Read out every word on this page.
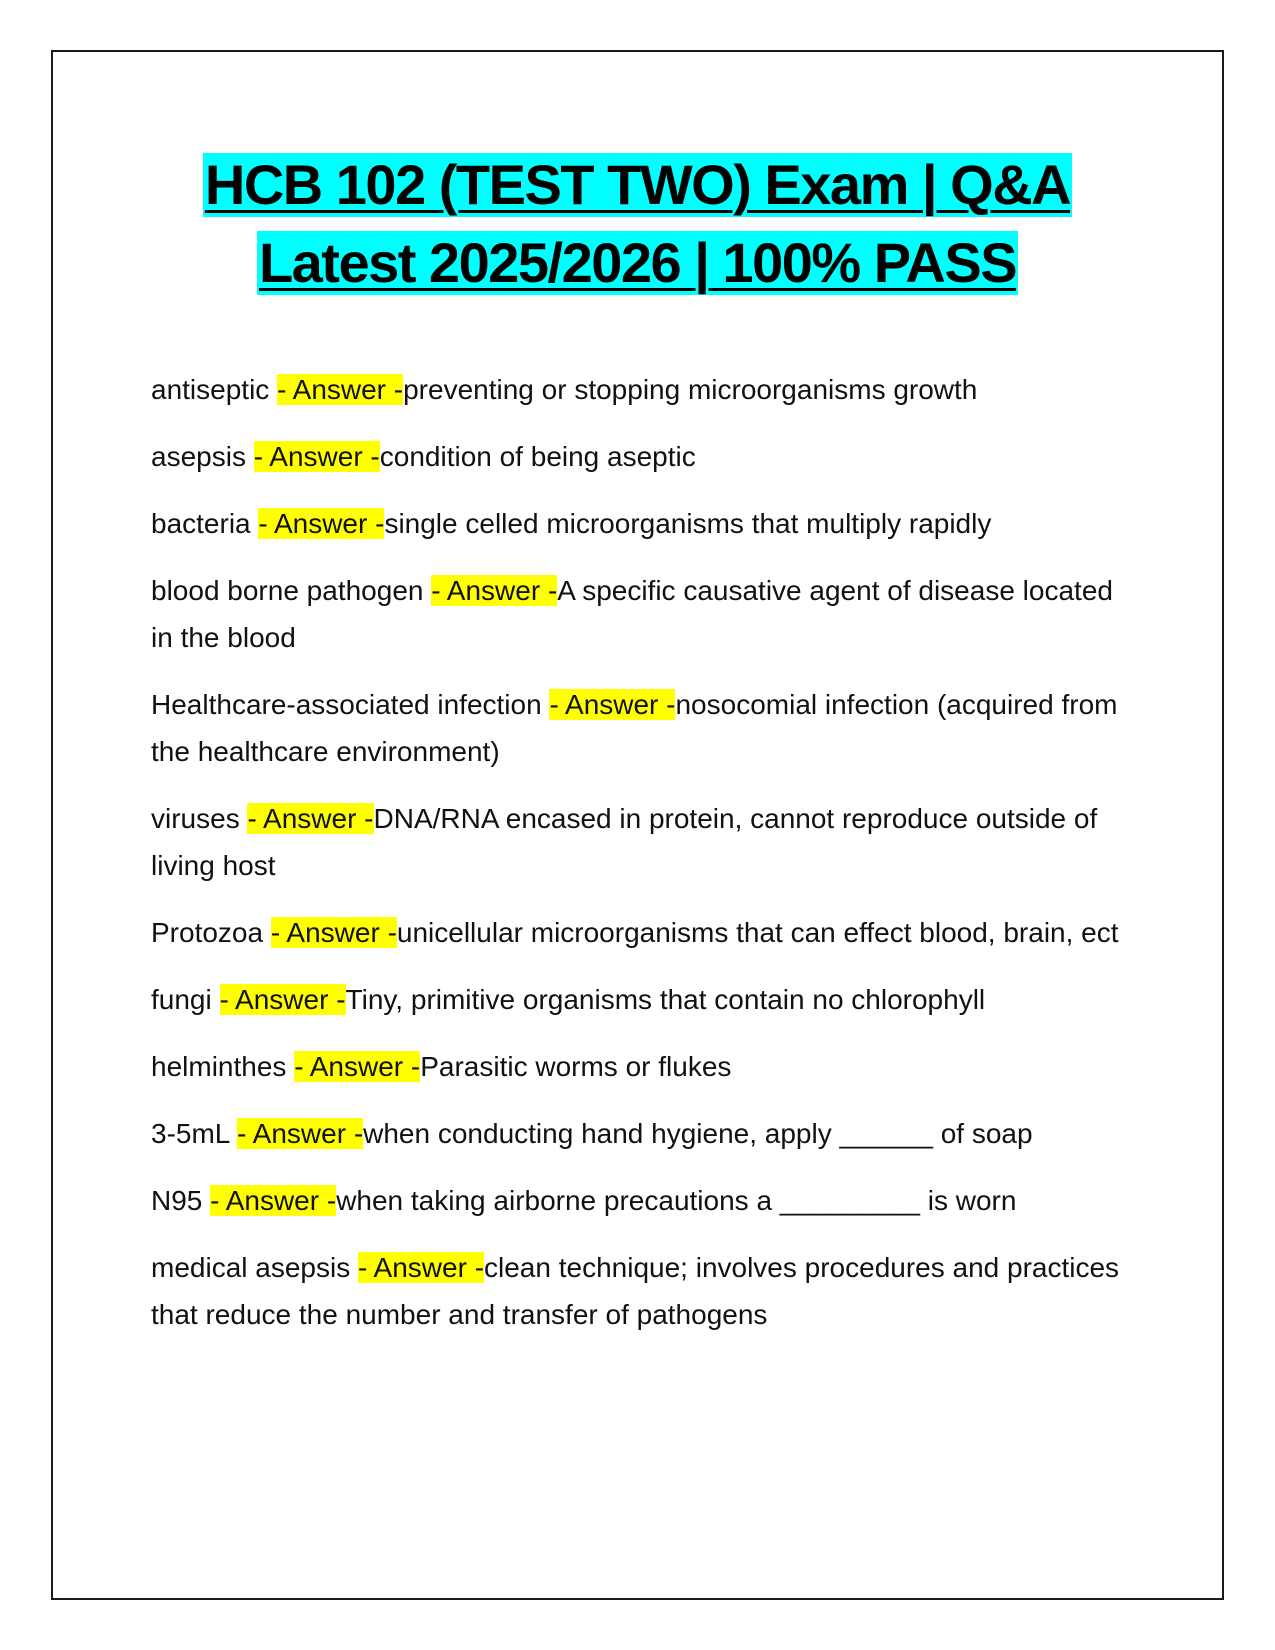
HCB 102 (TEST TWO) Exam | Q&A
Latest 2025/2026 | 100% PASS
antiseptic - Answer -preventing or stopping microorganisms growth
asepsis - Answer -condition of being aseptic
bacteria - Answer -single celled microorganisms that multiply rapidly
blood borne pathogen - Answer -A specific causative agent of disease located in the blood
Healthcare-associated infection - Answer -nosocomial infection (acquired from the healthcare environment)
viruses - Answer -DNA/RNA encased in protein, cannot reproduce outside of living host
Protozoa - Answer -unicellular microorganisms that can effect blood, brain, ect
fungi - Answer -Tiny, primitive organisms that contain no chlorophyll
helminthes - Answer -Parasitic worms or flukes
3-5mL - Answer -when conducting hand hygiene, apply ______ of soap
N95 - Answer -when taking airborne precautions a _________ is worn
medical asepsis - Answer -clean technique; involves procedures and practices that reduce the number and transfer of pathogens
